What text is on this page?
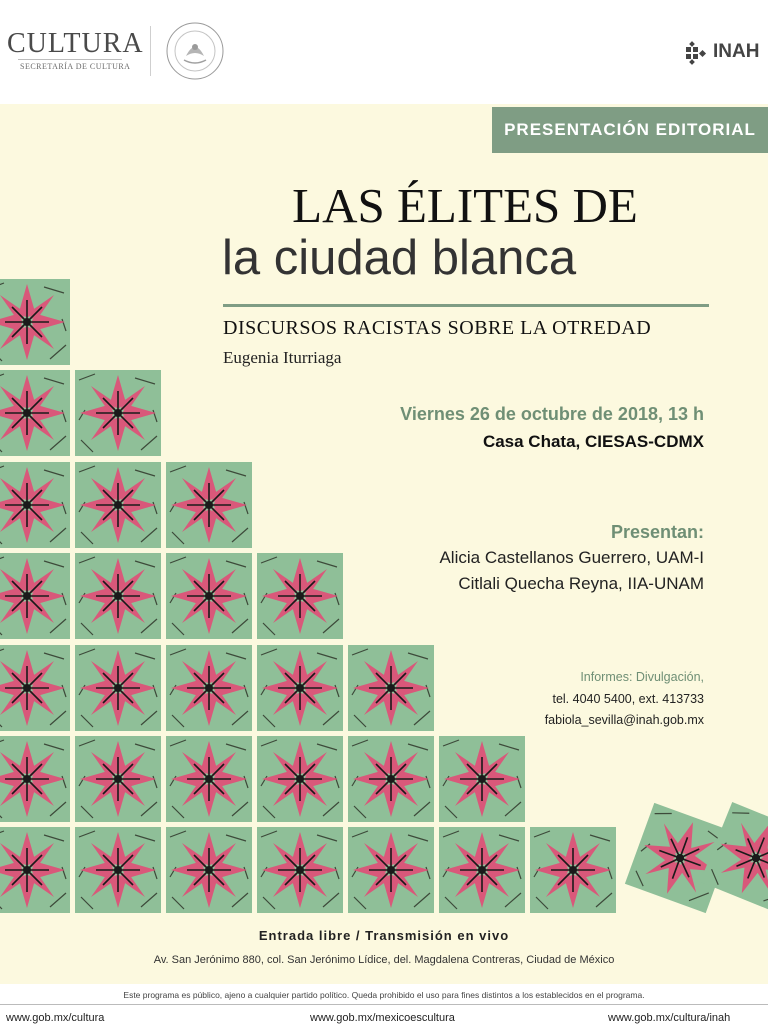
CULTURA
SECRETARÍA DE CULTURA
INAH
PRESENTACIÓN EDITORIAL
LAS ÉLITES DE
la ciudad blanca
DISCURSOS RACISTAS SOBRE LA OTREDAD
Eugenia Iturriaga
Viernes 26 de octubre de 2018, 13 h
Casa Chata, CIESAS-CDMX
Presentan:
Alicia Castellanos Guerrero, UAM-I
Citlali Quecha Reyna, IIA-UNAM
Informes: Divulgación,
tel. 4040 5400, ext. 413733
fabiola_sevilla@inah.gob.mx
Entrada libre / Transmisión en vivo
Av. San Jerónimo 880, col. San Jerónimo Lídice, del. Magdalena Contreras, Ciudad de México
Este programa es público, ajeno a cualquier partido político. Queda prohibido el uso para fines distintos a los establecidos en el programa.
www.gob.mx/cultura	www.gob.mx/mexicoescultura	www.gob.mx/cultura/inah
